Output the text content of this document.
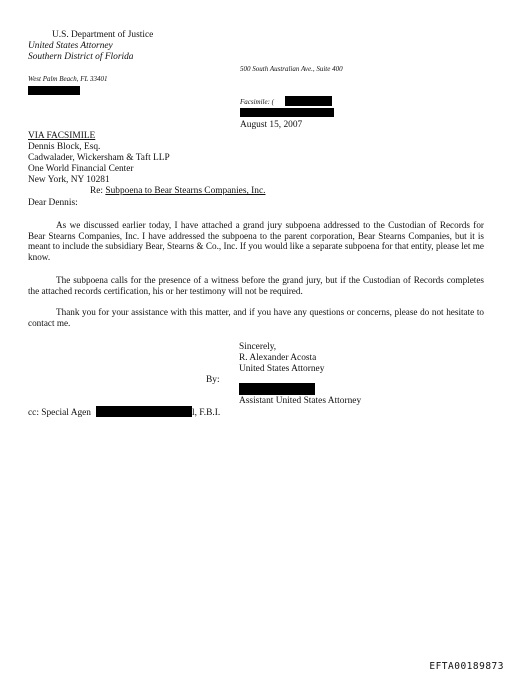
U.S. Department of Justice
United States Attorney
Southern District of Florida
500 South Australian Ave., Suite 400
West Palm Beach, FL 33401
Facsimile: (
August 15, 2007
VIA FACSIMILE
Dennis Block, Esq.
Cadwalader, Wickersham & Taft LLP
One World Financial Center
New York, NY 10281
Re: Subpoena to Bear Stearns Companies, Inc.
Dear Dennis:
As we discussed earlier today, I have attached a grand jury subpoena addressed to the Custodian of Records for Bear Stearns Companies, Inc. I have addressed the subpoena to the parent corporation, Bear Stearns Companies, but it is meant to include the subsidiary Bear, Stearns & Co., Inc. If you would like a separate subpoena for that entity, please let me know.
The subpoena calls for the presence of a witness before the grand jury, but if the Custodian of Records completes the attached records certification, his or her testimony will not be required.
Thank you for your assistance with this matter, and if you have any questions or concerns, please do not hesitate to contact me.
Sincerely,
R. Alexander Acosta
United States Attorney
By:
Assistant United States Attorney
cc: Special Agen	l, F.B.I.
EFTA00189873
